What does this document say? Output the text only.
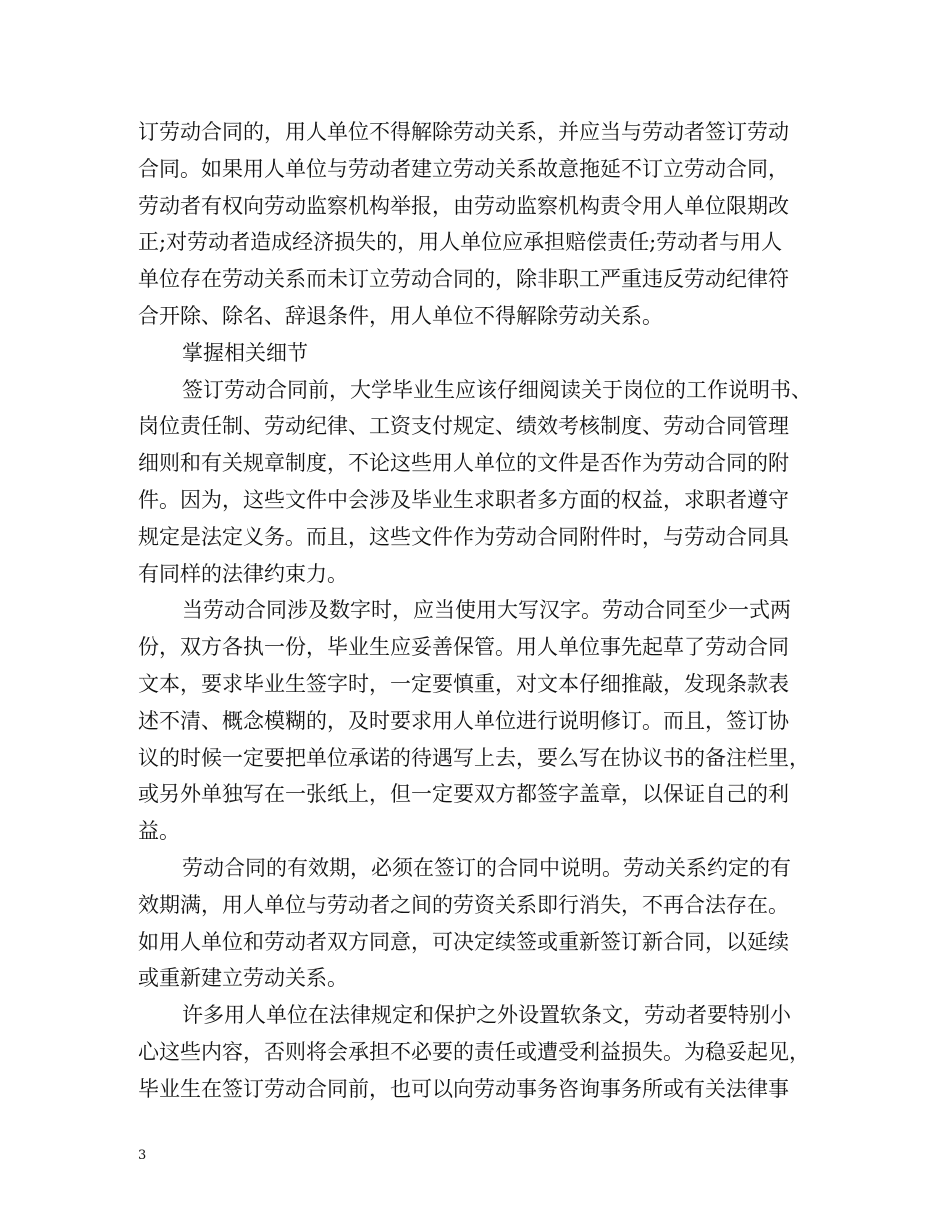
订劳动合同的，用人单位不得解除劳动关系，并应当与劳动者签订劳动
合同。如果用人单位与劳动者建立劳动关系故意拖延不订立劳动合同，
劳动者有权向劳动监察机构举报，由劳动监察机构责令用人单位限期改
正;对劳动者造成经济损失的，用人单位应承担赔偿责任;劳动者与用人
单位存在劳动关系而未订立劳动合同的，除非职工严重违反劳动纪律符
合开除、除名、辞退条件，用人单位不得解除劳动关系。
掌握相关细节
签订劳动合同前，大学毕业生应该仔细阅读关于岗位的工作说明书、
岗位责任制、劳动纪律、工资支付规定、绩效考核制度、劳动合同管理
细则和有关规章制度，不论这些用人单位的文件是否作为劳动合同的附
件。因为，这些文件中会涉及毕业生求职者多方面的权益，求职者遵守
规定是法定义务。而且，这些文件作为劳动合同附件时，与劳动合同具
有同样的法律约束力。
当劳动合同涉及数字时，应当使用大写汉字。劳动合同至少一式两
份，双方各执一份，毕业生应妥善保管。用人单位事先起草了劳动合同
文本，要求毕业生签字时，一定要慎重，对文本仔细推敲，发现条款表
述不清、概念模糊的，及时要求用人单位进行说明修订。而且，签订协
议的时候一定要把单位承诺的待遇写上去，要么写在协议书的备注栏里，
或另外单独写在一张纸上，但一定要双方都签字盖章，以保证自己的利
益。
劳动合同的有效期，必须在签订的合同中说明。劳动关系约定的有
效期满，用人单位与劳动者之间的劳资关系即行消失，不再合法存在。
如用人单位和劳动者双方同意，可决定续签或重新签订新合同，以延续
或重新建立劳动关系。
许多用人单位在法律规定和保护之外设置软条文，劳动者要特别小
心这些内容，否则将会承担不必要的责任或遭受利益损失。为稳妥起见，
毕业生在签订劳动合同前，也可以向劳动事务咨询事务所或有关法律事
3
